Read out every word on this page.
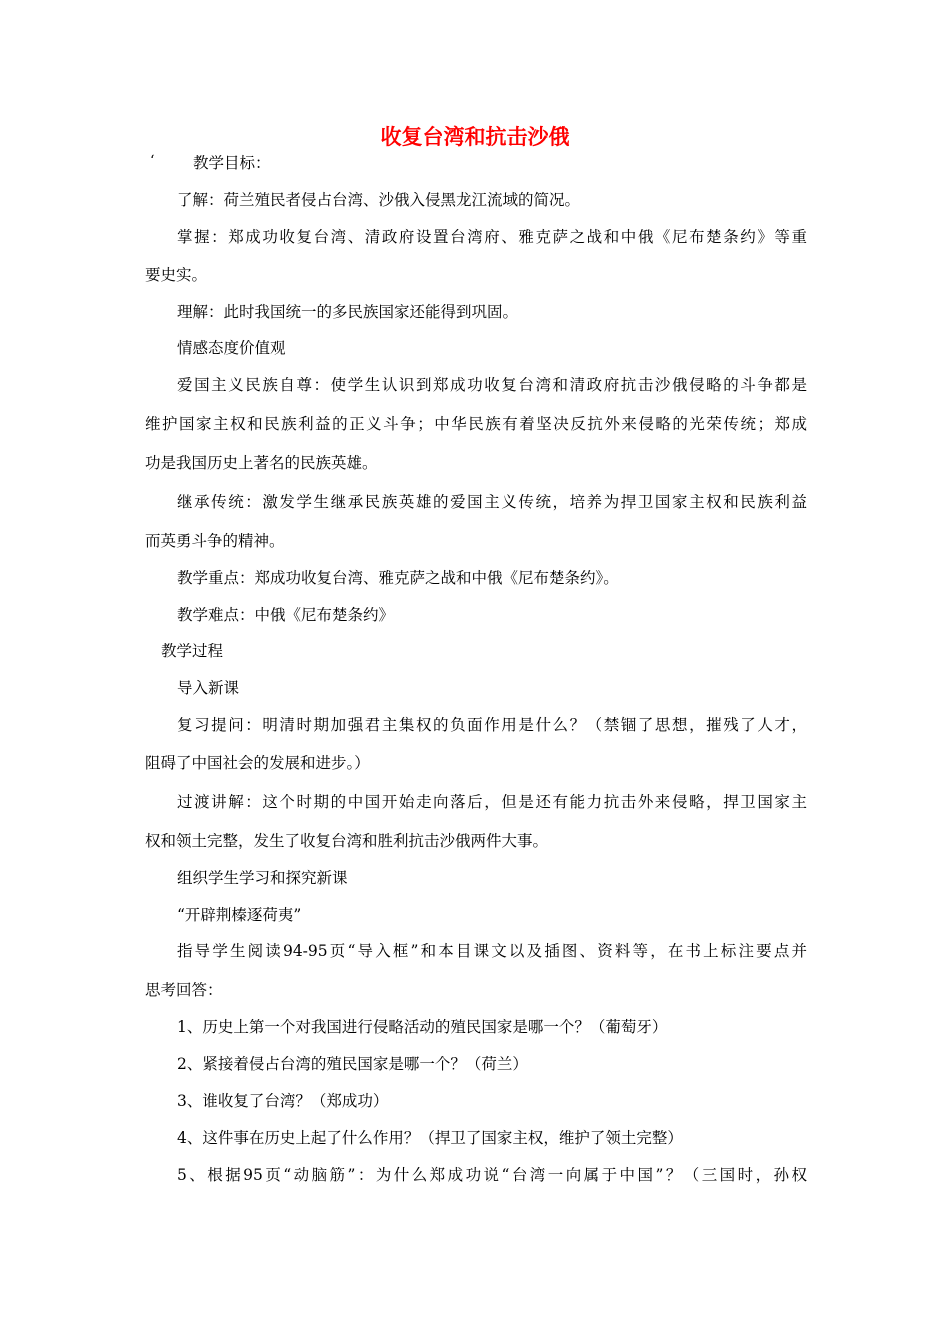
收复台湾和抗击沙俄
‘ 教学目标：
了解：荷兰殖民者侵占台湾、沙俄入侵黑龙江流域的简况。
掌握：郑成功收复台湾、清政府设置台湾府、雅克萨之战和中俄《尼布楚条约》等重
要史实。
理解：此时我国统一的多民族国家还能得到巩固。
情感态度价值观
爱国主义民族自尊：使学生认识到郑成功收复台湾和清政府抗击沙俄侵略的斗争都是
维护国家主权和民族利益的正义斗争；中华民族有着坚决反抗外来侵略的光荣传统；郑成
功是我国历史上著名的民族英雄。
继承传统：激发学生继承民族英雄的爱国主义传统，培养为捍卫国家主权和民族利益
而英勇斗争的精神。
教学重点：郑成功收复台湾、雅克萨之战和中俄《尼布楚条约》。
教学难点：中俄《尼布楚条约》
教学过程
导入新课
复习提问：明清时期加强君主集权的负面作用是什么？（禁锢了思想，摧残了人才，
阻碍了中国社会的发展和进步。）
过渡讲解：这个时期的中国开始走向落后，但是还有能力抗击外来侵略，捍卫国家主
权和领土完整，发生了收复台湾和胜利抗击沙俄两件大事。
组织学生学习和探究新课
“开辟荆榛逐荷夷”
指导学生阅读94-95页“导入框”和本目课文以及插图、资料等，在书上标注要点并
思考回答：
1、历史上第一个对我国进行侵略活动的殖民国家是哪一个？（葡萄牙）
2、紧接着侵占台湾的殖民国家是哪一个？（荷兰）
3、谁收复了台湾？（郑成功）
4、这件事在历史上起了什么作用？（捍卫了国家主权，维护了领土完整）
5、根据95页“动脑筋”：为什么郑成功说“台湾一向属于中国”？（三国时，孙权
